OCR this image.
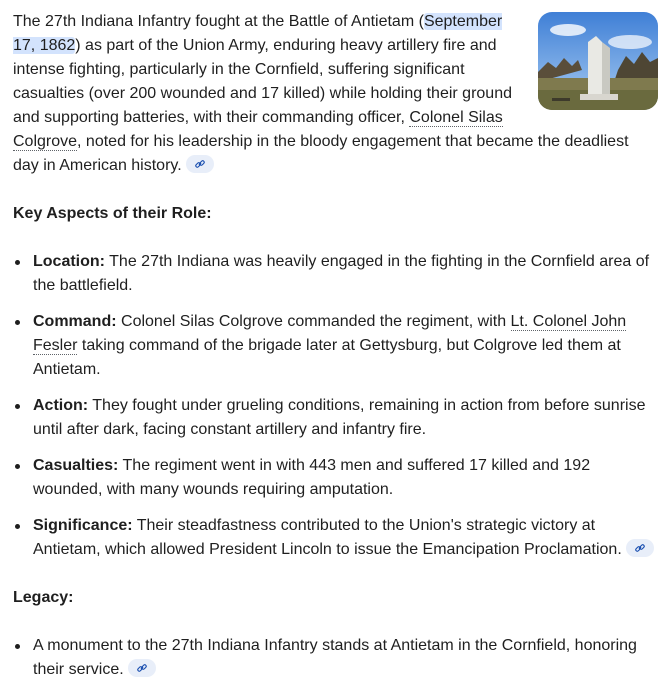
The 27th Indiana Infantry fought at the Battle of Antietam (September 17, 1862) as part of the Union Army, enduring heavy artillery fire and intense fighting, particularly in the Cornfield, suffering significant casualties (over 200 wounded and 17 killed) while holding their ground and supporting batteries, with their commanding officer, Colonel Silas Colgrove, noted for his leadership in the bloody engagement that became the deadliest day in American history.

Key Aspects of their Role:

Location: The 27th Indiana was heavily engaged in the fighting in the Cornfield area of the battlefield.
Command: Colonel Silas Colgrove commanded the regiment, with Lt. Colonel John Fesler taking command of the brigade later at Gettysburg, but Colgrove led them at Antietam.
Action: They fought under grueling conditions, remaining in action from before sunrise until after dark, facing constant artillery and infantry fire.
Casualties: The regiment went in with 443 men and suffered 17 killed and 192 wounded, with many wounds requiring amputation.
Significance: Their steadfastness contributed to the Union's strategic victory at Antietam, which allowed President Lincoln to issue the Emancipation Proclamation.

Legacy:

A monument to the 27th Indiana Infantry stands at Antietam in the Cornfield, honoring their service.
